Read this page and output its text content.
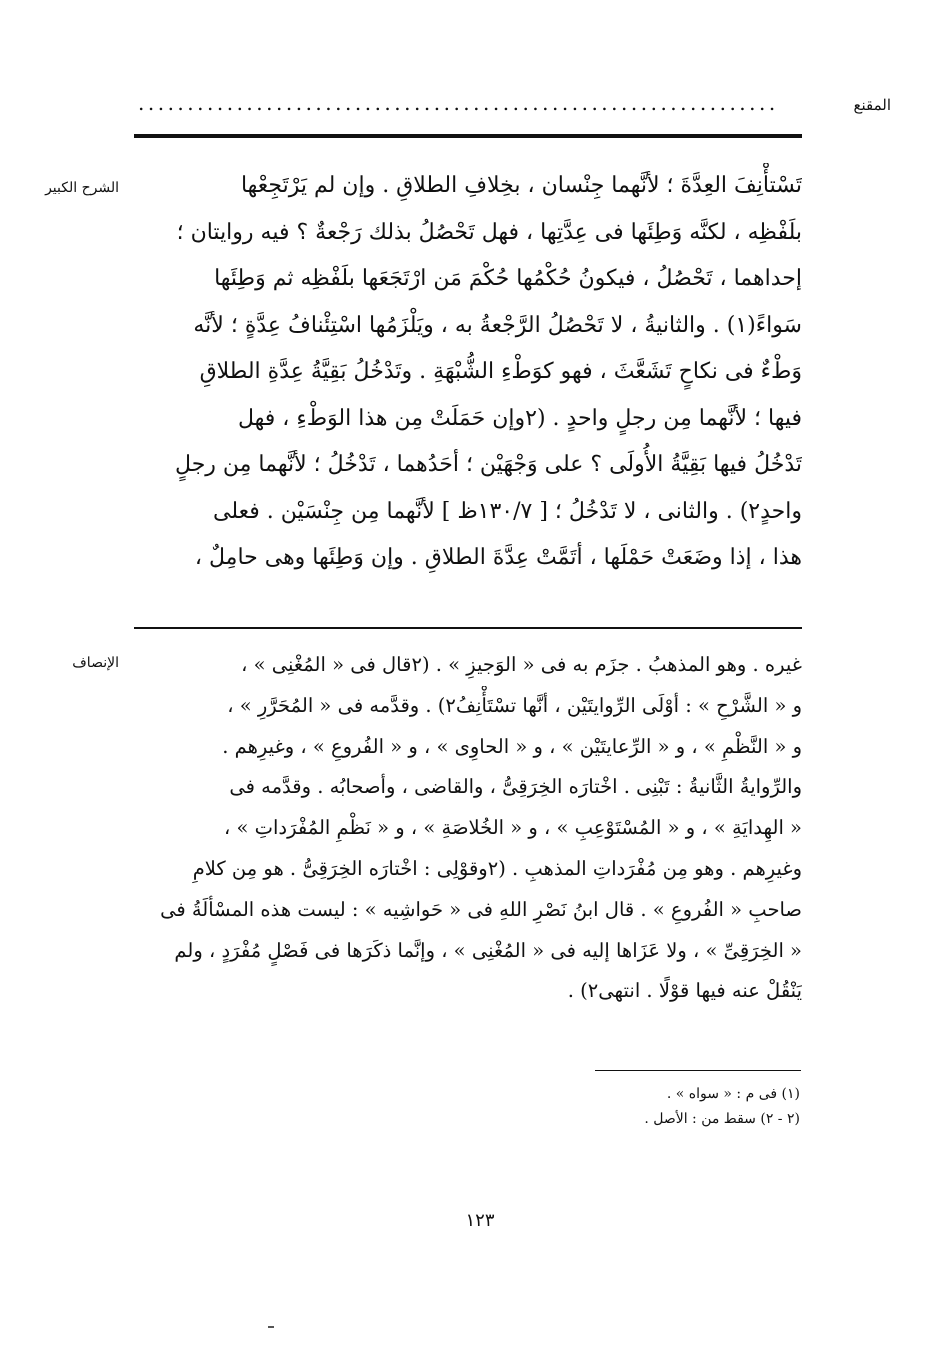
المقنع
.................................................................
الشرح الكبير	تَسْتأْنِفَ العِدَّةَ ؛ لأنَّهما جِنْسان ، بخِلافِ الطلاقِ . وإن لم يَرْتَجِعْها

بلَفْظِه ، لكنَّه وَطِئَها فى عِدَّتِها ، فهل تَحْصُلُ بذلك رَجْعةٌ ؟ فيه روايتان ؛

إحداهما ، تَحْصُلُ ، فيكونُ حُكْمُها حُكْمَ مَن ارْتَجَعَها بلَفْظِه ثم وَطِئَها

سَواءً(١) . والثانيةُ ، لا تَحْصُلُ الرَّجْعةُ به ، ويَلْزَمُها اسْتِئْنافُ عِدَّةٍ ؛ لأنَّه

وَطْءٌ فى نكاحٍ تَشَعَّثَ ، فهو كوَطْءِ الشُّبْهَةِ . وتَدْخُلُ بَقِيَّةُ عِدَّةِ الطلاقِ

فيها ؛ لأنَّهما مِن رجلٍ واحدٍ . (٢وإن حَمَلَتْ مِن هذا الوَطْءِ ، فهل

تَدْخُلُ فيها بَقِيَّةُ الأُولَى ؟ على وَجْهَيْن ؛ أحَدُهما ، تَدْخُلُ ؛ لأنَّهما مِن رجلٍ

واحدٍ٢) . والثانى ، لا تَدْخُلُ ؛ [ ١٣٠/٧ظ ] لأنَّهما مِن جِنْسَيْن . فعلى

هذا ، إذا وضَعَتْ حَمْلَها ، أتَمَّتْ عِدَّةَ الطلاقِ . وإن وَطِئَها وهى حامِلٌ ،

الإنصاف	غيره . وهو المذهبُ . جزَم به فى « الوَجيزِ » . (٢قال فى « المُغْنِى » ،

و « الشَّرْحِ » : أوْلَى الرِّوايتَيْن ، أنَّها تسْتَأْنِفُ٢) . وقدَّمه فى « المُحَرَّرِ » ،

و « النَّظْمِ » ، و « الرِّعايتَيْن » ، و « الحاوِى » ، و « الفُروعِ » ، وغيرِهم .

والرِّوايةُ الثَّانيةُ : تَبْنِى . اخْتارَه الخِرَقِىُّ ، والقاضى ، وأصحابُه . وقدَّمه فى

« الهِدايَةِ » ، و « المُسْتَوْعِبِ » ، و « الخُلاصَةِ » ، و « نَظْمِ المُفْرَداتِ » ،

وغيرِهم . وهو مِن مُفْرَداتِ المذهبِ . (٢وقوْلِى : اخْتارَه الخِرَقِىُّ . هو مِن كلامِ

صاحبِ « الفُروعِ » . قال ابنُ نَصْرِ اللهِ فى « حَواشِيه » : ليست هذه المسْألَةُ فى

« الخِرَقِىِّ » ، ولا عَزَاها إليه فى « المُغْنِى » ، وإنَّما ذكَرَها فى فَصْلٍ مُفْرَدٍ ، ولم

يَنْقُلْ عنه فيها قوْلًا . انتهى٢) .

(١) فى م : « سواه » .

(٢ - ٢) سقط من : الأصل .

١٢٣
